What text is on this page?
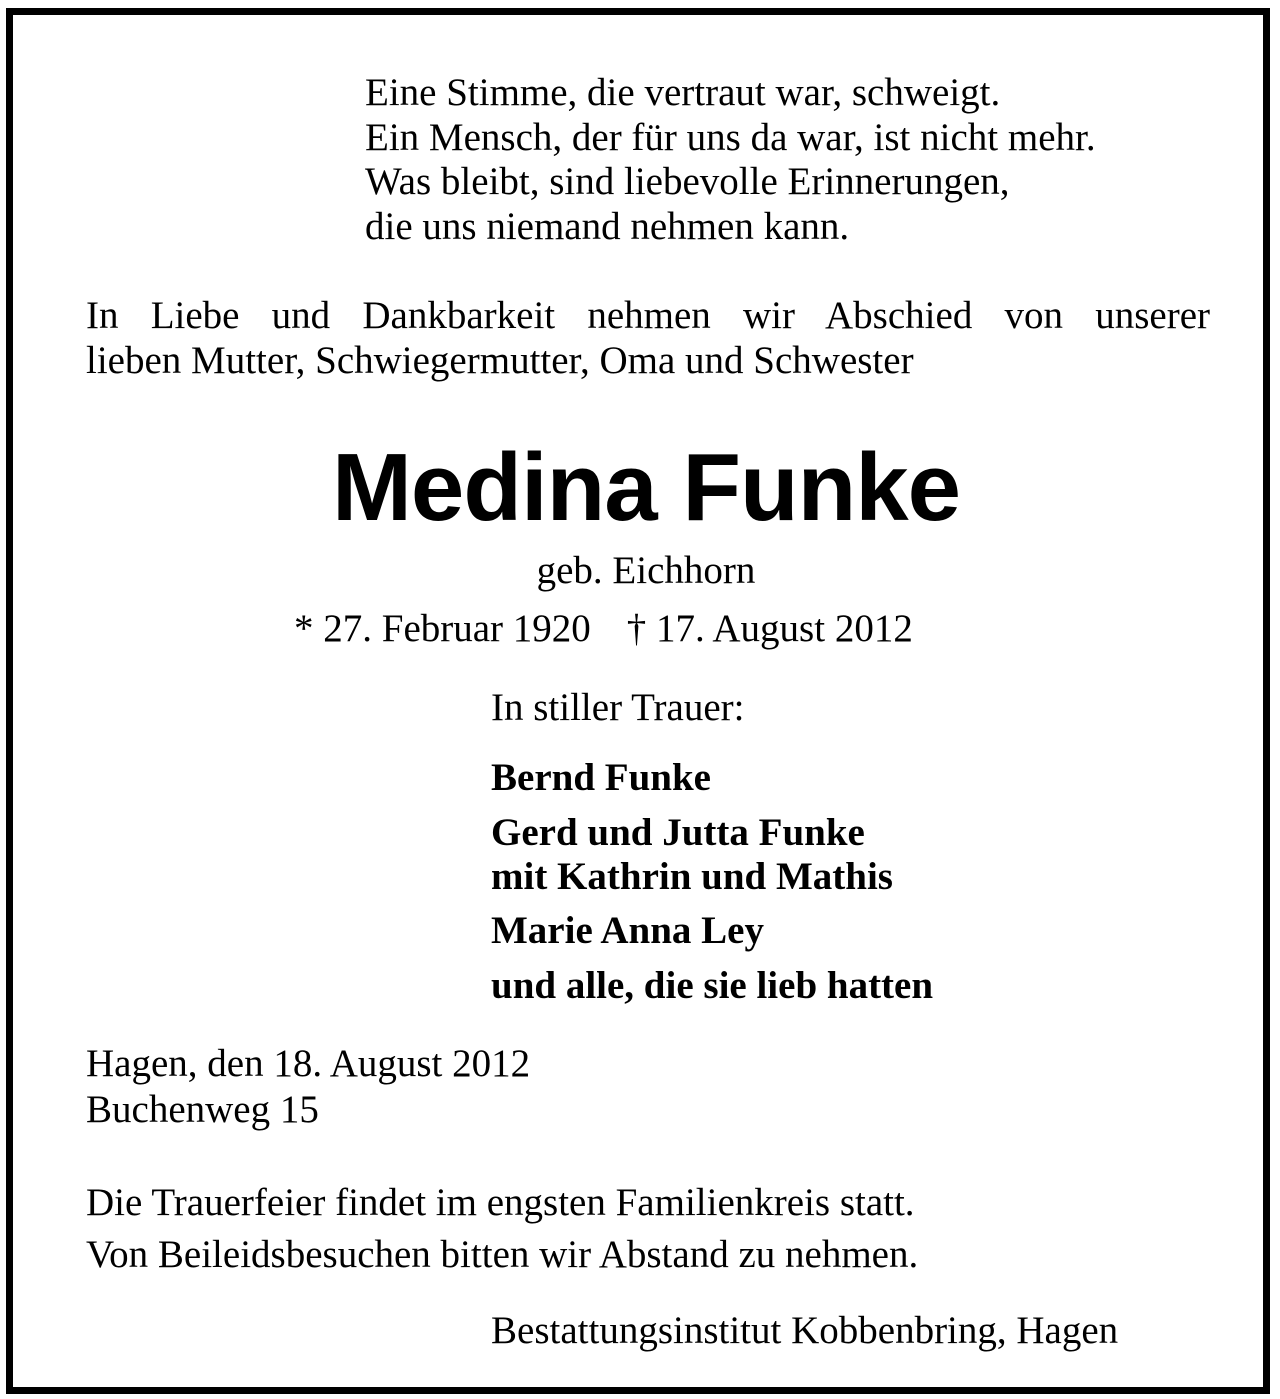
Eine Stimme, die vertraut war, schweigt.
Ein Mensch, der für uns da war, ist nicht mehr.
Was bleibt, sind liebevolle Erinnerungen,
die uns niemand nehmen kann.
In Liebe und Dankbarkeit nehmen wir Abschied von unserer
lieben Mutter, Schwiegermutter, Oma und Schwester
Medina Funke
geb. Eichhorn
* 27. Februar 1920 † 17. August 2012
In stiller Trauer:
Bernd Funke
Gerd und Jutta Funke
mit Kathrin und Mathis
Marie Anna Ley
und alle, die sie lieb hatten
Hagen, den 18. August 2012
Buchenweg 15
Die Trauerfeier findet im engsten Familienkreis statt.
Von Beileidsbesuchen bitten wir Abstand zu nehmen.
Bestattungsinstitut Kobbenbring, Hagen
